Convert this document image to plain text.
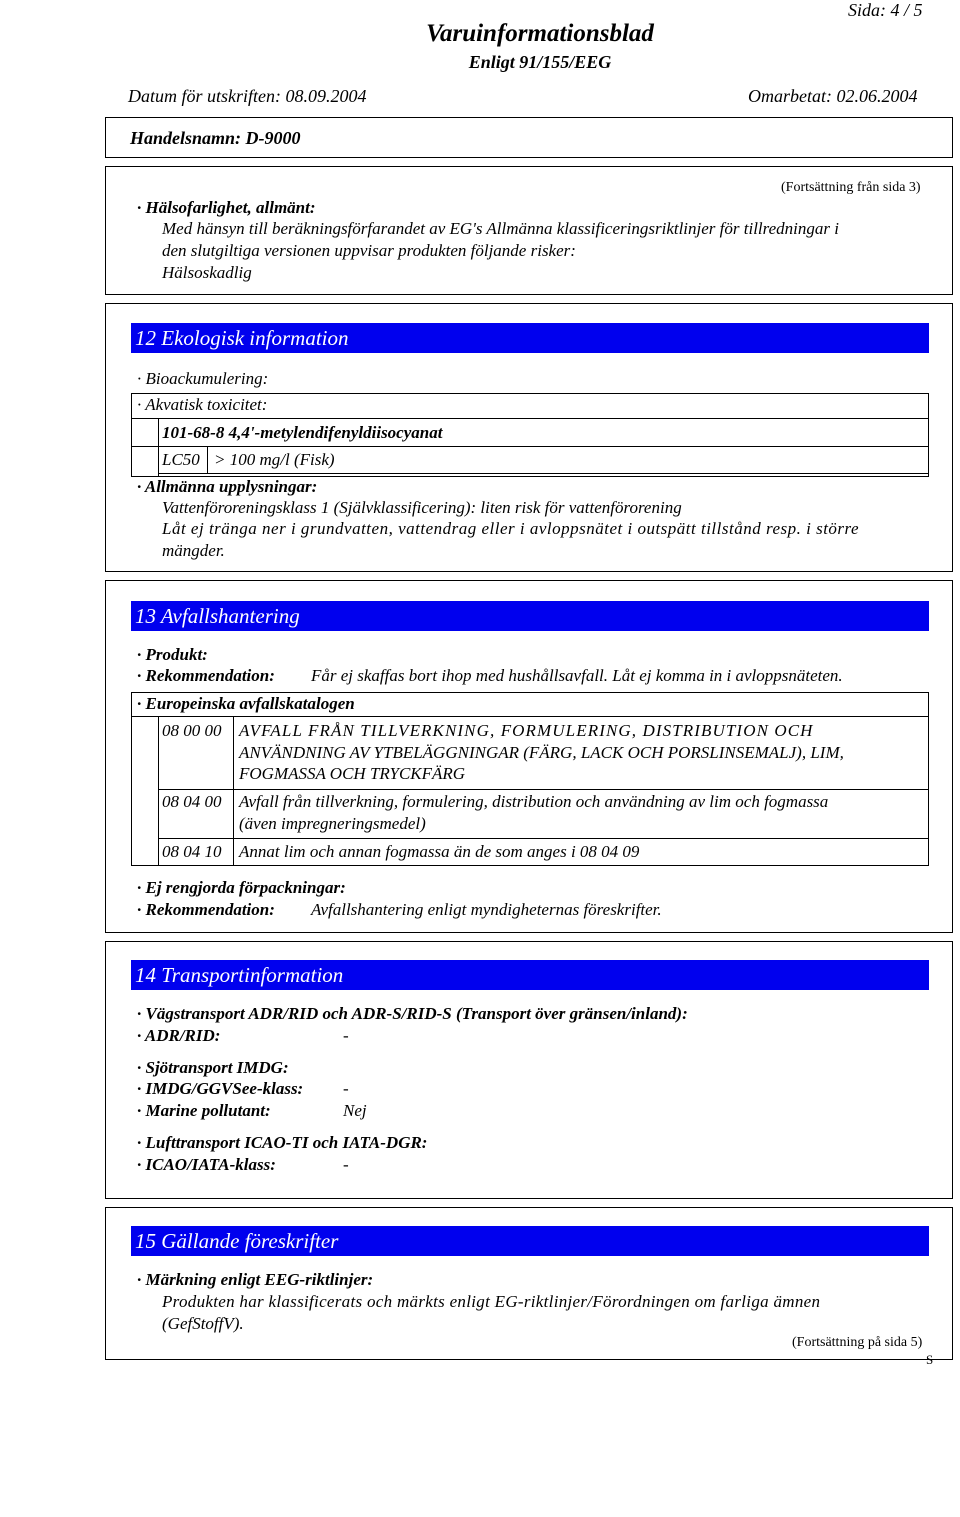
Sida: 4 / 5
Varuinformationsblad
Enligt 91/155/EEG
Datum för utskriften: 08.09.2004	Omarbetat: 02.06.2004
Handelsnamn: D-9000
(Fortsättning från sida 3)
· Hälsofarlighet, allmänt:
Med hänsyn till beräkningsförfarandet av EG's Allmänna klassificeringsriktlinjer för tillredningar i
den slutgiltiga versionen uppvisar produkten följande risker:
Hälsoskadlig
12 Ekologisk information
· Bioackumulering:
· Akvatisk toxicitet:
101-68-8 4,4'-metylendifenyldiisocyanat
LC50 > 100 mg/l (Fisk)
· Allmänna upplysningar:
Vattenföroreningsklass 1 (Självklassificering): liten risk för vattenförorening
Låt ej tränga ner i grundvatten, vattendrag eller i avloppsnätet i outspätt tillstånd resp. i större
mängder.
13 Avfallshantering
· Produkt:
· Rekommendation: Får ej skaffas bort ihop med hushållsavfall. Låt ej komma in i avloppsnäteten.
· Europeinska avfallskatalogen
08 00 00 AVFALL FRÅN TILLVERKNING, FORMULERING, DISTRIBUTION OCH
ANVÄNDNING AV YTBELÄGGNINGAR (FÄRG, LACK OCH PORSLINSEMALJ), LIM,
FOGMASSA OCH TRYCKFÄRG
08 04 00 Avfall från tillverkning, formulering, distribution och användning av lim och fogmassa
(även impregneringsmedel)
08 04 10 Annat lim och annan fogmassa än de som anges i 08 04 09
· Ej rengjorda förpackningar:
· Rekommendation: Avfallshantering enligt myndigheternas föreskrifter.
14 Transportinformation
· Vägstransport ADR/RID och ADR-S/RID-S (Transport över gränsen/inland):
· ADR/RID:	-
· Sjötransport IMDG:
· IMDG/GGVSee-klass: -
· Marine pollutant:	Nej
· Lufttransport ICAO-TI och IATA-DGR:
· ICAO/IATA-klass:	-
15 Gällande föreskrifter
· Märkning enligt EEG-riktlinjer:
Produkten har klassificerats och märkts enligt EG-riktlinjer/Förordningen om farliga ämnen
(GefStoffV).
(Fortsättning på sida 5)
S
